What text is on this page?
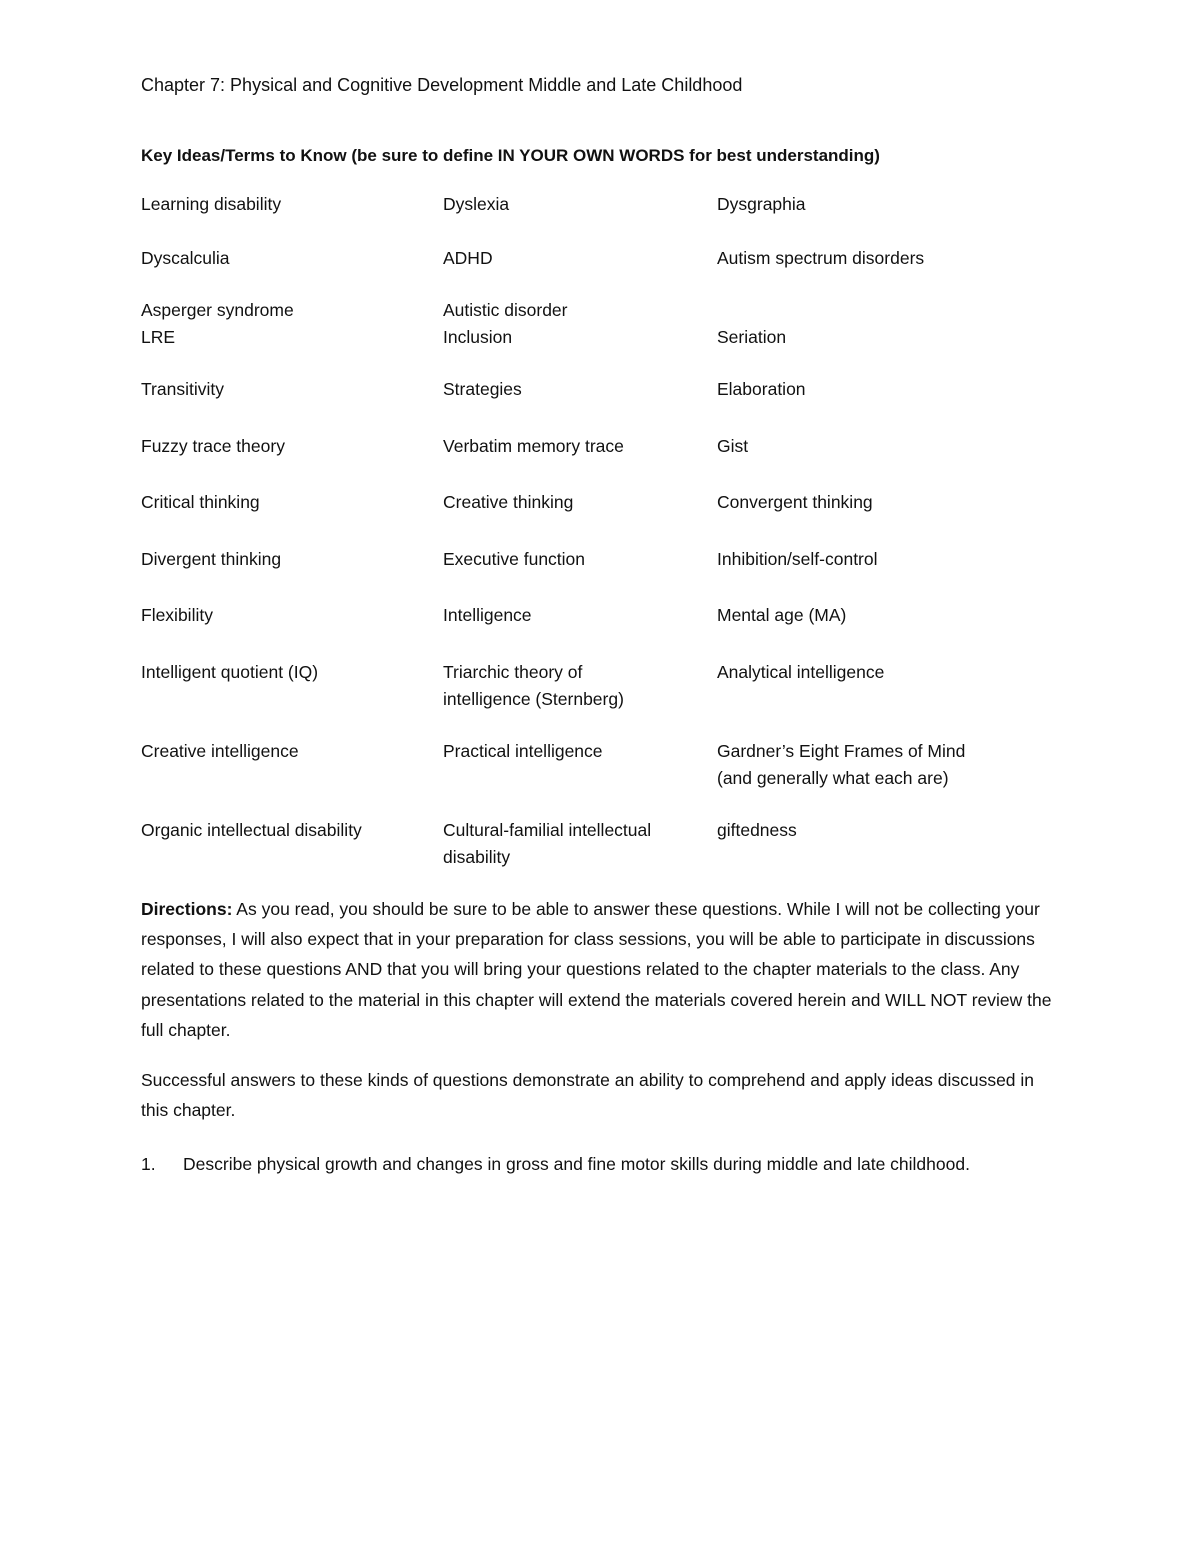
Chapter 7: Physical and Cognitive Development Middle and Late Childhood
Key Ideas/Terms to Know (be sure to define IN YOUR OWN WORDS for best understanding)
Learning disability	Dyslexia	Dysgraphia
Dyscalculia	ADHD	Autism spectrum disorders
Asperger syndrome	Autistic disorder
LRE	Inclusion	Seriation
Transitivity	Strategies	Elaboration
Fuzzy trace theory	Verbatim memory trace	Gist
Critical thinking	Creative thinking	Convergent thinking
Divergent thinking	Executive function	Inhibition/self-control
Flexibility	Intelligence	Mental age (MA)
Intelligent quotient (IQ)	Triarchic theory of	Analytical intelligence
intelligence (Sternberg)
Creative intelligence	Practical intelligence	Gardner’s Eight Frames of Mind
(and generally what each are)
Organic intellectual disability	Cultural-familial intellectual	giftedness
disability
Directions: As you read, you should be sure to be able to answer these questions. While I will not be collecting your responses, I will also expect that in your preparation for class sessions, you will be able to participate in discussions related to these questions AND that you will bring your questions related to the chapter materials to the class. Any presentations related to the material in this chapter will extend the materials covered herein and WILL NOT review the full chapter.
Successful answers to these kinds of questions demonstrate an ability to comprehend and apply ideas discussed in this chapter.
1. Describe physical growth and changes in gross and fine motor skills during middle and late childhood.
